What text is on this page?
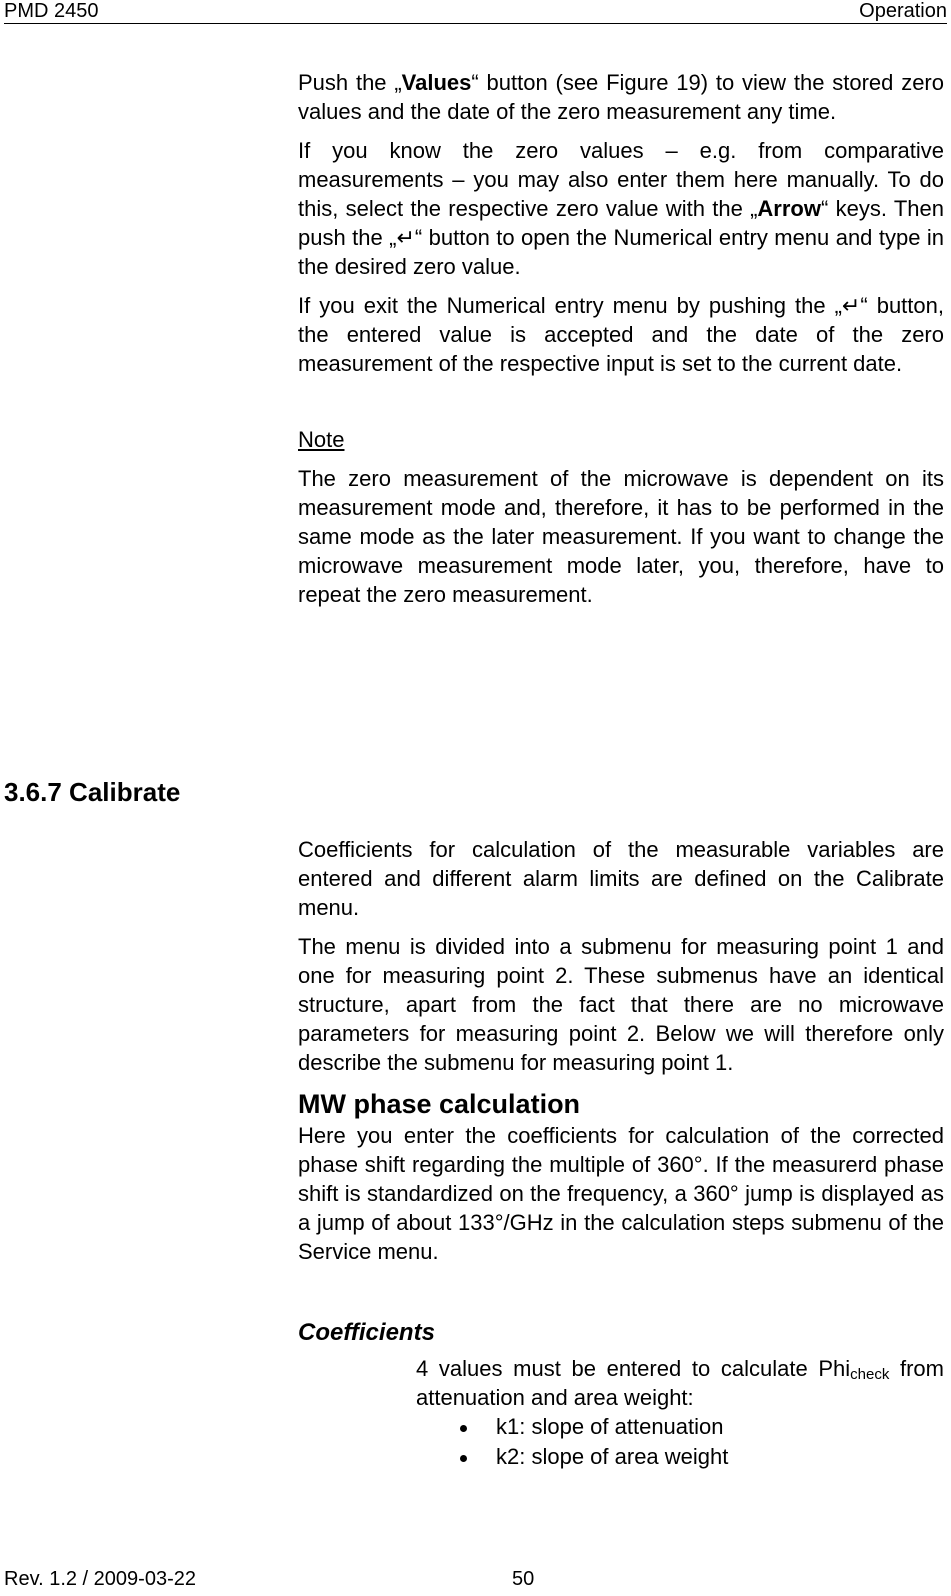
PMD 2450	Operation

Push the „Values“ button (see Figure 19) to view the stored zero values and the date of the zero measurement any time.

If you know the zero values – e.g. from comparative measurements – you may also enter them here manually. To do this, select the respective zero value with the „Arrow“ keys. Then push the „↵“ button to open the Numerical entry menu and type in the desired zero value.

If you exit the Numerical entry menu by pushing the „↵“ button, the entered value is accepted and the date of the zero measurement of the respective input is set to the current date.

Note

The zero measurement of the microwave is dependent on its measurement mode and, therefore, it has to be performed in the same mode as the later measurement. If you want to change the microwave measurement mode later, you, therefore, have to repeat the zero measurement.

3.6.7 Calibrate

Coefficients for calculation of the measurable variables are entered and different alarm limits are defined on the Calibrate menu.

The menu is divided into a submenu for measuring point 1 and one for measuring point 2. These submenus have an identical structure, apart from the fact that there are no microwave parameters for measuring point 2. Below we will therefore only describe the submenu for measuring point 1.

MW phase calculation

Here you enter the coefficients for calculation of the corrected phase shift regarding the multiple of 360°. If the measurerd phase shift is standardized on the frequency, a 360° jump is displayed as a jump of about 133°/GHz in the calculation steps submenu of the Service menu.

Coefficients

4 values must be entered to calculate Phi$_{check}$ from attenuation and area weight:

k1: slope of attenuation
k2: slope of area weight
Rev. 1.2 / 2009-03-22	50
